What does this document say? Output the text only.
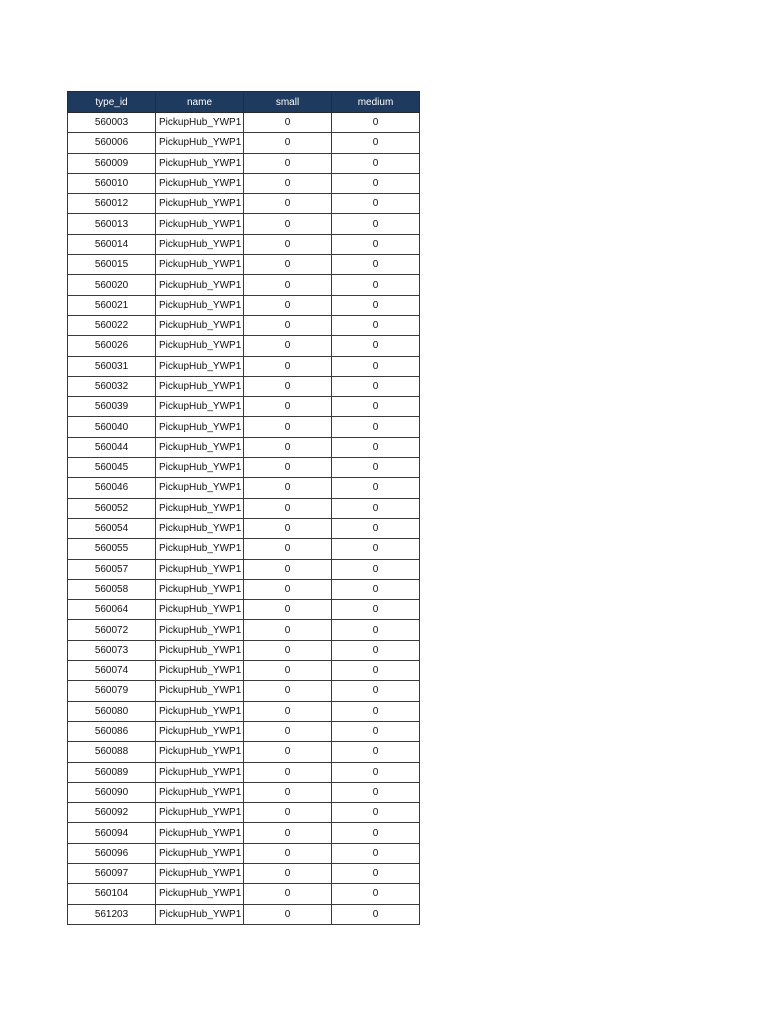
type_id	name	small	medium
560003	PickupHub_YWP1	0	0
560006	PickupHub_YWP1	0	0
560009	PickupHub_YWP1	0	0
560010	PickupHub_YWP1	0	0
560012	PickupHub_YWP1	0	0
560013	PickupHub_YWP1	0	0
560014	PickupHub_YWP1	0	0
560015	PickupHub_YWP1	0	0
560020	PickupHub_YWP1	0	0
560021	PickupHub_YWP1	0	0
560022	PickupHub_YWP1	0	0
560026	PickupHub_YWP1	0	0
560031	PickupHub_YWP1	0	0
560032	PickupHub_YWP1	0	0
560039	PickupHub_YWP1	0	0
560040	PickupHub_YWP1	0	0
560044	PickupHub_YWP1	0	0
560045	PickupHub_YWP1	0	0
560046	PickupHub_YWP1	0	0
560052	PickupHub_YWP1	0	0
560054	PickupHub_YWP1	0	0
560055	PickupHub_YWP1	0	0
560057	PickupHub_YWP1	0	0
560058	PickupHub_YWP1	0	0
560064	PickupHub_YWP1	0	0
560072	PickupHub_YWP1	0	0
560073	PickupHub_YWP1	0	0
560074	PickupHub_YWP1	0	0
560079	PickupHub_YWP1	0	0
560080	PickupHub_YWP1	0	0
560086	PickupHub_YWP1	0	0
560088	PickupHub_YWP1	0	0
560089	PickupHub_YWP1	0	0
560090	PickupHub_YWP1	0	0
560092	PickupHub_YWP1	0	0
560094	PickupHub_YWP1	0	0
560096	PickupHub_YWP1	0	0
560097	PickupHub_YWP1	0	0
560104	PickupHub_YWP1	0	0
561203	PickupHub_YWP1	0	0
